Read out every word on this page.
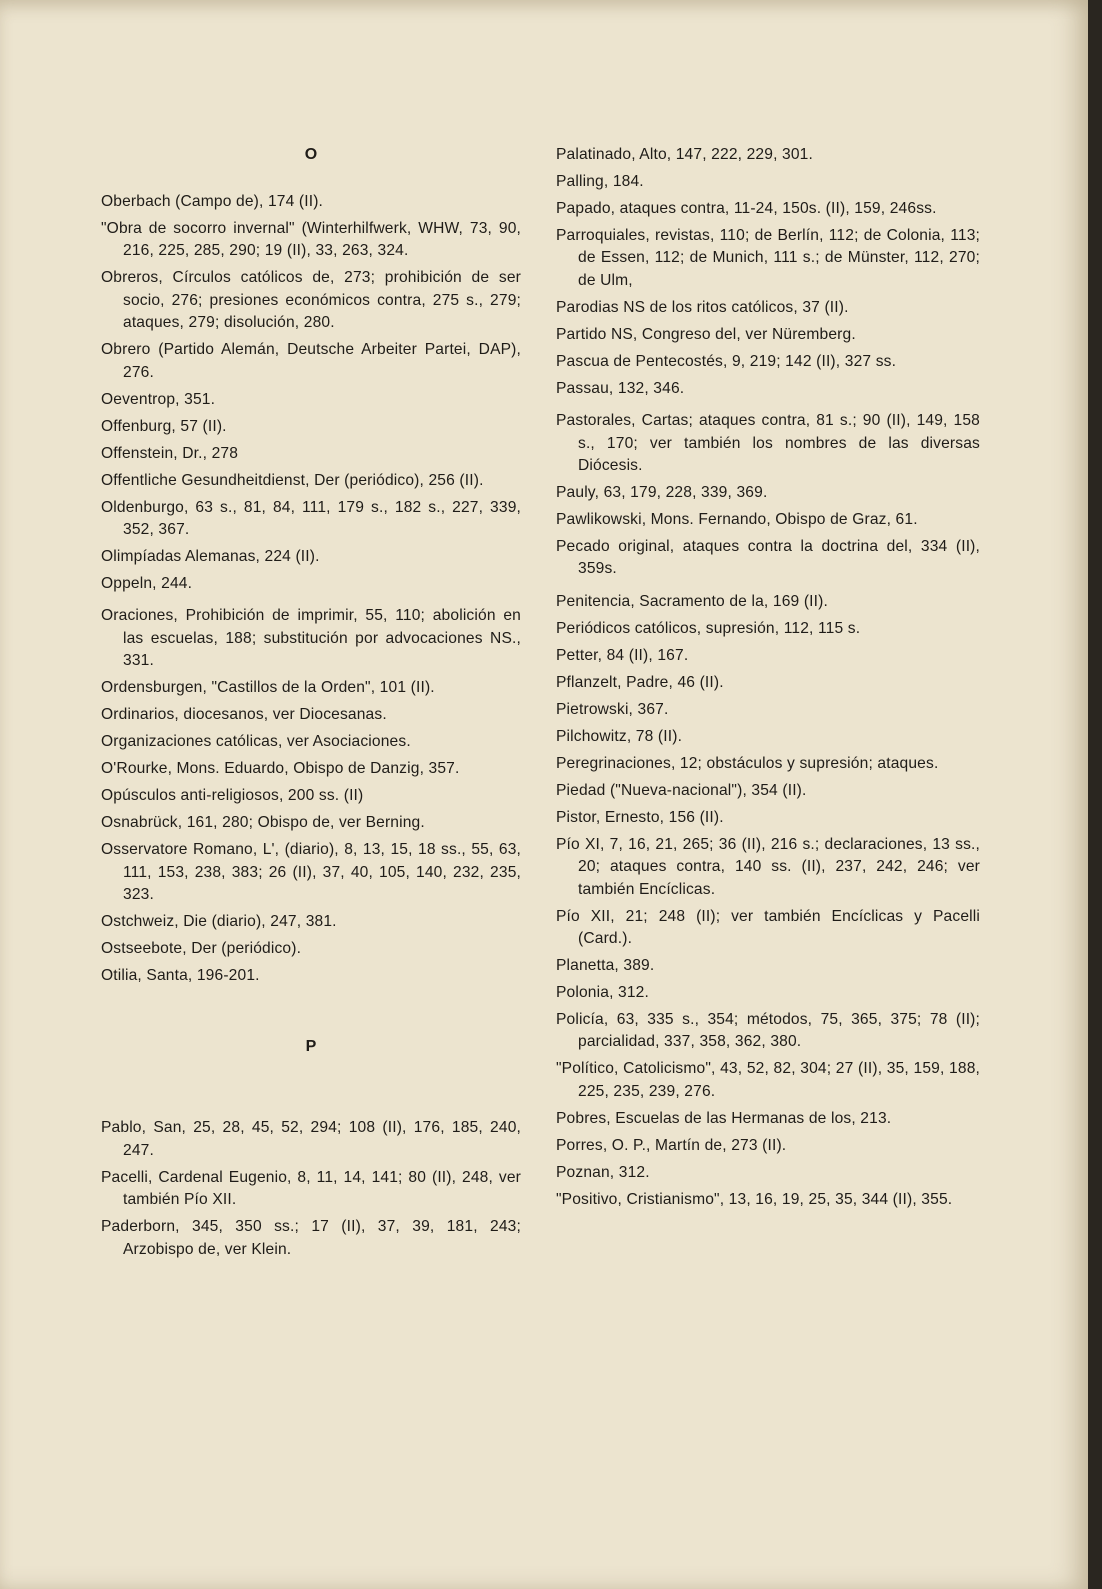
O

Oberbach (Campo de), 174 (II).

"Obra de socorro invernal" (Winterhilfwerk, WHW, 73, 90, 216, 225, 285, 290; 19 (II), 33, 263, 324.

Obreros, Círculos católicos de, 273; prohibición de ser socio, 276; presiones económicos contra, 275 s., 279; ataques, 279; disolución, 280.

Obrero (Partido Alemán, Deutsche Arbeiter Partei, DAP), 276.

Oeventrop, 351.

Offenburg, 57 (II).

Offenstein, Dr., 278

Offentliche Gesundheitdienst, Der (periódico), 256 (II).

Oldenburgo, 63 s., 81, 84, 111, 179 s., 182 s., 227, 339, 352, 367.

Olimpíadas Alemanas, 224 (II).

Oppeln, 244.

Oraciones, Prohibición de imprimir, 55, 110; abolición en las escuelas, 188; substitución por advocaciones NS., 331.

Ordensburgen, "Castillos de la Orden", 101 (II).

Ordinarios, diocesanos, ver Diocesanas.

Organizaciones católicas, ver Asociaciones.

O'Rourke, Mons. Eduardo, Obispo de Danzig, 357.

Opúsculos anti-religiosos, 200 ss. (II)

Osnabrück, 161, 280; Obispo de, ver Berning.

Osservatore Romano, L', (diario), 8, 13, 15, 18 ss., 55, 63, 111, 153, 238, 383; 26 (II), 37, 40, 105, 140, 232, 235, 323.

Ostchweiz, Die (diario), 247, 381.

Ostseebote, Der (periódico).

Otilia, Santa, 196-201.

P

Pablo, San, 25, 28, 45, 52, 294; 108 (II), 176, 185, 240, 247.

Pacelli, Cardenal Eugenio, 8, 11, 14, 141; 80 (II), 248, ver también Pío XII.

Paderborn, 345, 350 ss.; 17 (II), 37, 39, 181, 243; Arzobispo de, ver Klein.

Palatinado, Alto, 147, 222, 229, 301.

Palling, 184.

Papado, ataques contra, 11-24, 150s. (II), 159, 246ss.

Parroquiales, revistas, 110; de Berlín, 112; de Colonia, 113; de Essen, 112; de Munich, 111 s.; de Münster, 112, 270; de Ulm,

Parodias NS de los ritos católicos, 37 (II).

Partido NS, Congreso del, ver Nüremberg.

Pascua de Pentecostés, 9, 219; 142 (II), 327 ss.

Passau, 132, 346.

Pastorales, Cartas; ataques contra, 81 s.; 90 (II), 149, 158 s., 170; ver también los nombres de las diversas Diócesis.

Pauly, 63, 179, 228, 339, 369.

Pawlikowski, Mons. Fernando, Obispo de Graz, 61.

Pecado original, ataques contra la doctrina del, 334 (II), 359s.

Penitencia, Sacramento de la, 169 (II).

Periódicos católicos, supresión, 112, 115 s.

Petter, 84 (II), 167.

Pflanzelt, Padre, 46 (II).

Pietrowski, 367.

Pilchowitz, 78 (II).

Peregrinaciones, 12; obstáculos y supresión; ataques.

Piedad ("Nueva-nacional"), 354 (II).

Pistor, Ernesto, 156 (II).

Pío XI, 7, 16, 21, 265; 36 (II), 216 s.; declaraciones, 13 ss., 20; ataques contra, 140 ss. (II), 237, 242, 246; ver también Encíclicas.

Pío XII, 21; 248 (II); ver también Encíclicas y Pacelli (Card.).

Planetta, 389.

Polonia, 312.

Policía, 63, 335 s., 354; métodos, 75, 365, 375; 78 (II); parcialidad, 337, 358, 362, 380.

"Político, Catolicismo", 43, 52, 82, 304; 27 (II), 35, 159, 188, 225, 235, 239, 276.

Pobres, Escuelas de las Hermanas de los, 213.

Porres, O. P., Martín de, 273 (II).

Poznan, 312.

"Positivo, Cristianismo", 13, 16, 19, 25, 35, 344 (II), 355.
